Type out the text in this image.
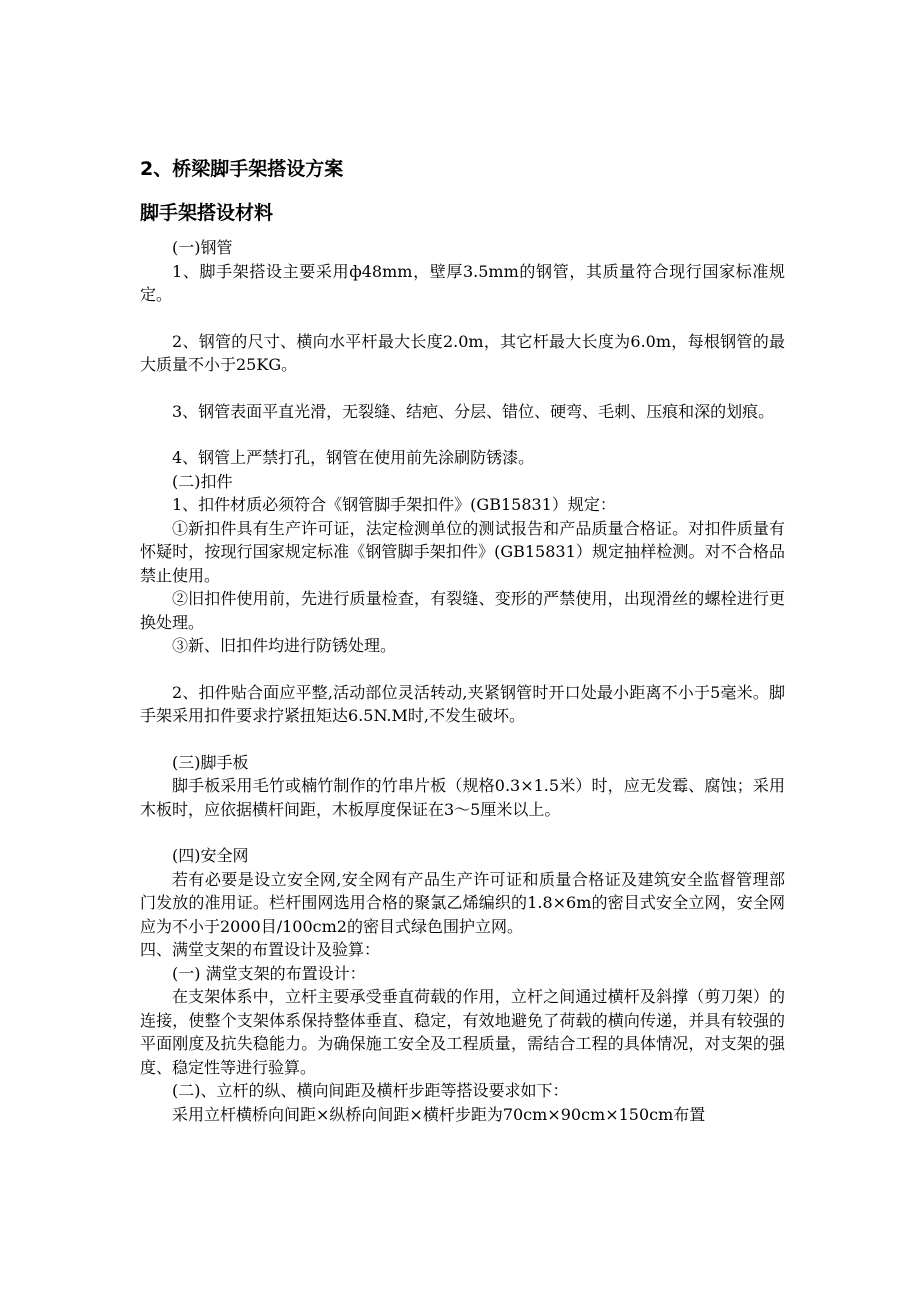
2、桥梁脚手架搭设方案
脚手架搭设材料

(一)钢管

1、脚手架搭设主要采用ф48mm，壁厚3.5mm的钢管，其质量符合现行国家标准规定。

2、钢管的尺寸、横向水平杆最大长度2.0m，其它杆最大长度为6.0m，每根钢管的最大质量不小于25KG。

3、钢管表面平直光滑，无裂缝、结疤、分层、错位、硬弯、毛刺、压痕和深的划痕。

4、钢管上严禁打孔，钢管在使用前先涂刷防锈漆。

(二)扣件

1、扣件材质必须符合《钢管脚手架扣件》(GB15831）规定：

①新扣件具有生产许可证，法定检测单位的测试报告和产品质量合格证。对扣件质量有怀疑时，按现行国家规定标准《钢管脚手架扣件》(GB15831）规定抽样检测。对不合格品禁止使用。

②旧扣件使用前，先进行质量检查，有裂缝、变形的严禁使用，出现滑丝的螺栓进行更换处理。

③新、旧扣件均进行防锈处理。

2、扣件贴合面应平整,活动部位灵活转动,夹紧钢管时开口处最小距离不小于5毫米。脚手架采用扣件要求拧紧扭矩达6.5N.M时,不发生破坏。

(三)脚手板

脚手板采用毛竹或楠竹制作的竹串片板（规格0.3×1.5米）时，应无发霉、腐蚀；采用木板时，应依据横杆间距，木板厚度保证在3～5厘米以上。

(四)安全网

若有必要是设立安全网,安全网有产品生产许可证和质量合格证及建筑安全监督管理部门发放的准用证。栏杆围网选用合格的聚氯乙烯编织的1.8×6m的密目式安全立网，安全网应为不小于2000目/100cm2的密目式绿色围护立网。

四、满堂支架的布置设计及验算：

(一) 满堂支架的布置设计：

在支架体系中，立杆主要承受垂直荷载的作用，立杆之间通过横杆及斜撑（剪刀架）的连接，使整个支架体系保持整体垂直、稳定，有效地避免了荷载的横向传递，并具有较强的平面刚度及抗失稳能力。为确保施工安全及工程质量，需结合工程的具体情况，对支架的强度、稳定性等进行验算。

(二)、立杆的纵、横向间距及横杆步距等搭设要求如下：

采用立杆横桥向间距×纵桥向间距×横杆步距为70cm×90cm×150cm布置
